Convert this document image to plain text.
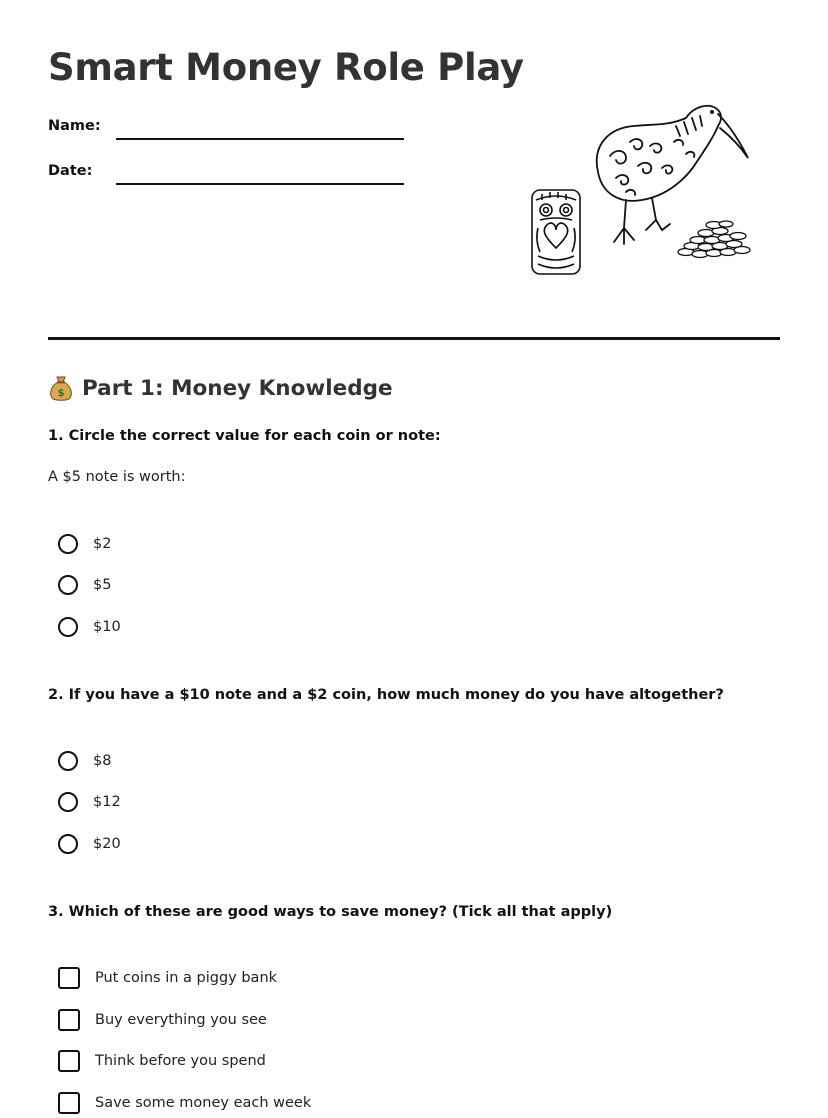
Smart Money Role Play
Name:
Date:
$ Part 1: Money Knowledge
1. Circle the correct value for each coin or note:
A $5 note is worth:
$2
$5
$10
2. If you have a $10 note and a $2 coin, how much money do you have altogether?
$8
$12
$20
3. Which of these are good ways to save money? (Tick all that apply)
Put coins in a piggy bank
Buy everything you see
Think before you spend
Save some money each week
